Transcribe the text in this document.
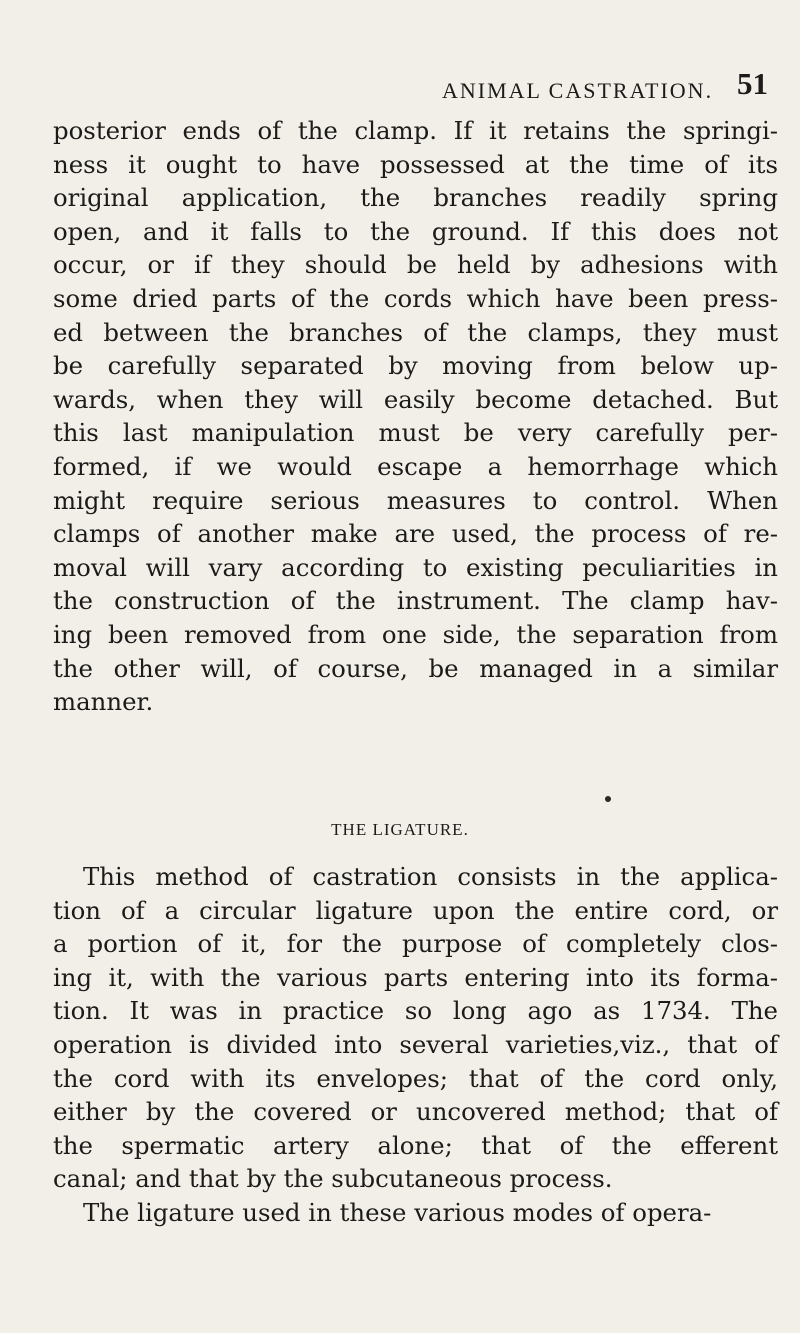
ANIMAL CASTRATION. 51
posterior ends of the clamp. If it retains the springi-
ness it ought to have possessed at the time of its
original application, the branches readily spring
open, and it falls to the ground. If this does not
occur, or if they should be held by adhesions with
some dried parts of the cords which have been press-
ed between the branches of the clamps, they must
be carefully separated by moving from below up-
wards, when they will easily become detached. But
this last manipulation must be very carefully per-
formed, if we would escape a hemorrhage which
might require serious measures to control. When
clamps of another make are used, the process of re-
moval will vary according to existing peculiarities in
the construction of the instrument. The clamp hav-
ing been removed from one side, the separation from
the other will, of course, be managed in a similar
manner.
THE LIGATURE.
This method of castration consists in the applica-
tion of a circular ligature upon the entire cord, or
a portion of it, for the purpose of completely clos-
ing it, with the various parts entering into its forma-
tion. It was in practice so long ago as 1734. The
operation is divided into several varieties,viz., that of
the cord with its envelopes; that of the cord only,
either by the covered or uncovered method; that of
the spermatic artery alone; that of the efferent
canal; and that by the subcutaneous process.
The ligature used in these various modes of opera-
